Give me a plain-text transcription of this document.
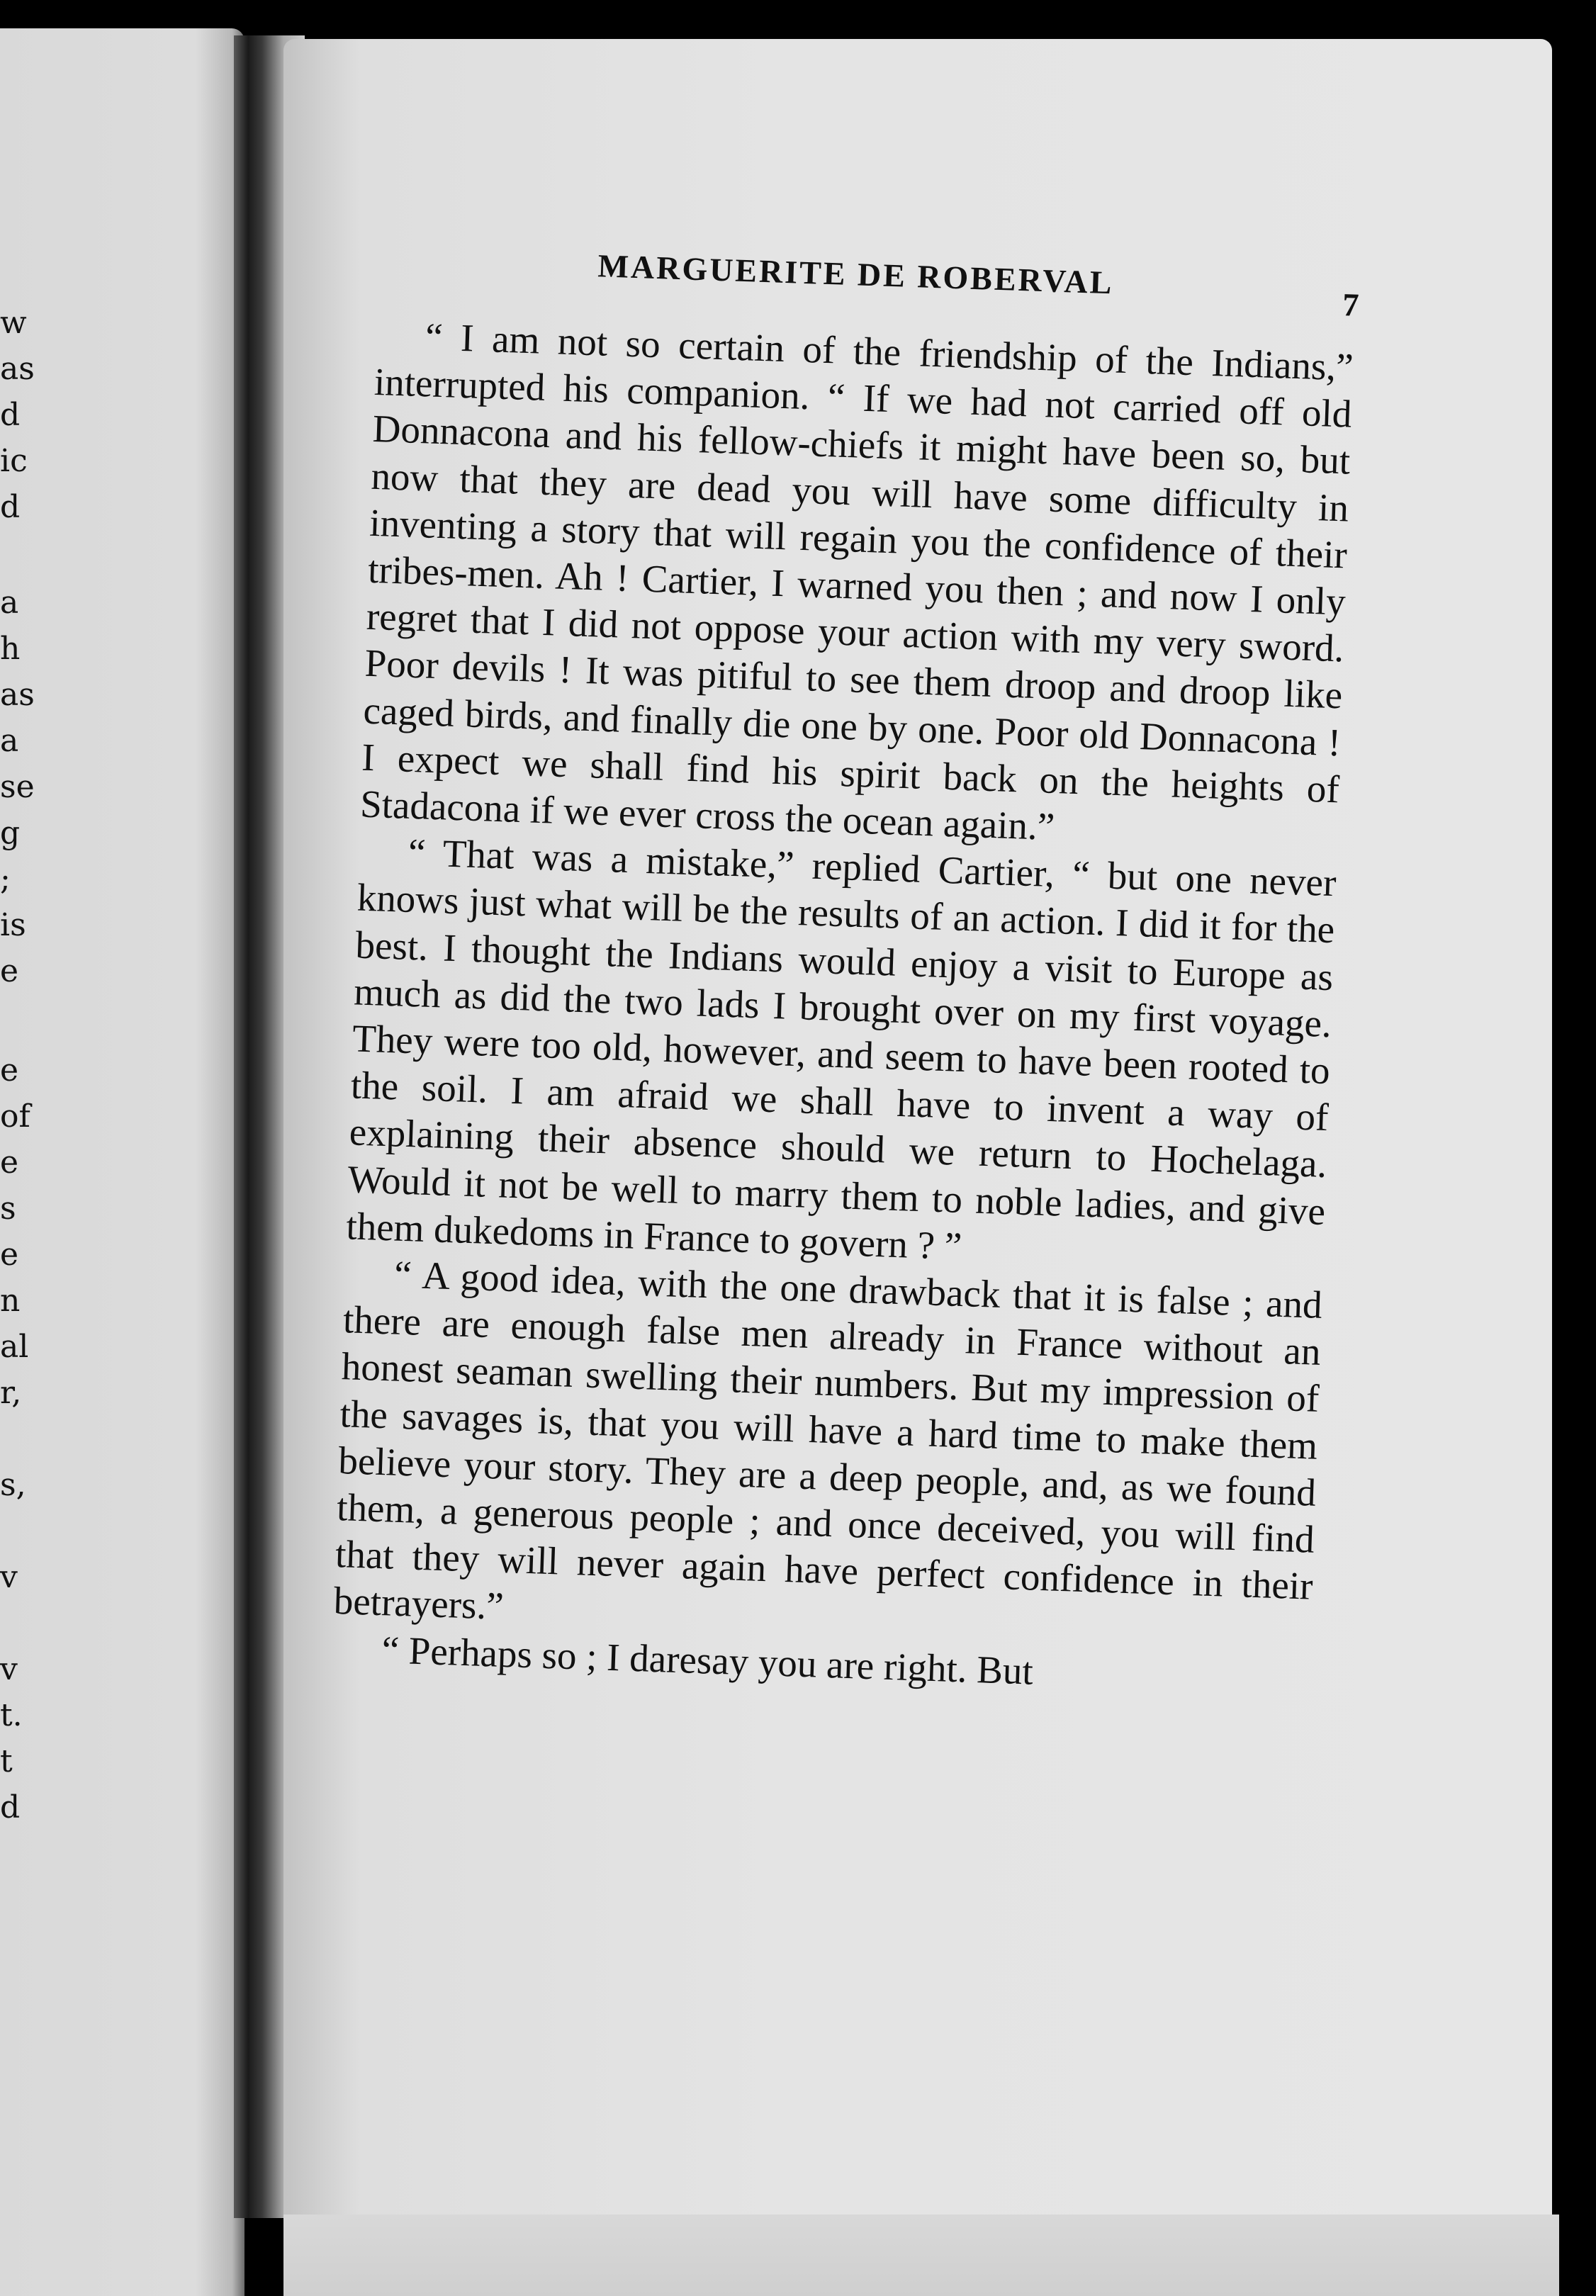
w
as
d
ic
d
a
h
as
a
se
g
;
is
e
e
of
e
s
e
n
al
r,
s,
v
v
t.
t
d
MARGUERITE DE ROBERVAL
7

“ I am not so certain of the friendship of the Indians,” interrupted his companion. “ If we had not carried off old Donnacona and his fellow-chiefs it might have been so, but now that they are dead you will have some difficulty in inventing a story that will regain you the confidence of their tribes-men. Ah ! Cartier, I warned you then ; and now I only regret that I did not oppose your action with my very sword. Poor devils ! It was pitiful to see them droop and droop like caged birds, and finally die one by one. Poor old Donnacona ! I expect we shall find his spirit back on the heights of Stadacona if we ever cross the ocean again.”

“ That was a mistake,” replied Cartier, “ but one never knows just what will be the results of an action. I did it for the best. I thought the Indians would enjoy a visit to Europe as much as did the two lads I brought over on my first voyage. They were too old, however, and seem to have been rooted to the soil. I am afraid we shall have to invent a way of explaining their absence should we return to Hochelaga. Would it not be well to marry them to noble ladies, and give them dukedoms in France to govern ? ”

“ A good idea, with the one drawback that it is false ; and there are enough false men already in France without an honest seaman swelling their numbers. But my impression of the savages is, that you will have a hard time to make them believe your story. They are a deep people, and, as we found them, a generous people ; and once deceived, you will find that they will never again have perfect confidence in their betrayers.”

“ Perhaps so ; I daresay you are right. But
